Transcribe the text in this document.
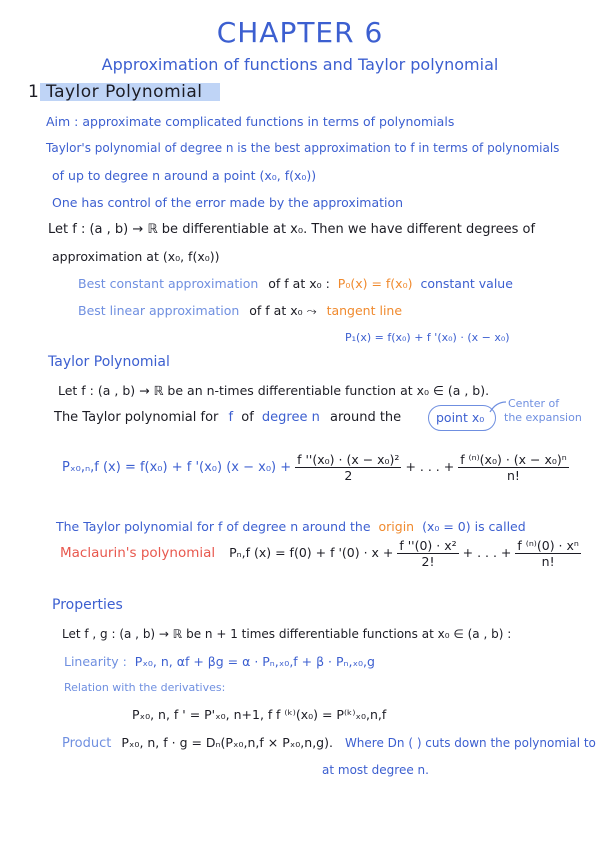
CHAPTER 6
Approximation of functions and Taylor polynomial
1 Taylor Polynomial
Aim : approximate complicated functions in terms of polynomials
Taylor's polynomial of degree n is the best approximation to f in terms of polynomials
of up to degree n around a point (x₀, f(x₀))
One has control of the error made by the approximation
Let f : (a , b) → ℝ be differentiable at x₀. Then we have different degrees of
approximation at (x₀, f(x₀))
Best constant approximation of f at x₀ : P₀(x) = f(x₀) constant value
Best linear approximation of f at x₀ ⤳ tangent line
P₁(x) = f(x₀) + f '(x₀) · (x − x₀)
Taylor Polynomial
Let f : (a , b) → ℝ be an n-times differentiable function at x₀ ∈ (a , b).
The Taylor polynomial for f of degree n around the	point x₀
Center of
the expansion
Pₓ₀,ₙ,f (x) = f(x₀) + f '(x₀) $(x - x_0) + \frac{\text{f ''(x₀) · (x − x₀)²}}{2}$ + . . . + $\frac{\text{f ⁽ⁿ⁾(x₀) · (x − x₀)ⁿ}}{n!}$
The Taylor polynomial for f of degree n around the origin (x₀ = 0) is called
Maclaurin's polynomial Pₙ,f (x) = f(0) + f '$(0) \cdot x + \frac{\text{f ''(0) · x²}}{2!}$ + . . . + $\frac{\text{f ⁽ⁿ⁾(0) · xⁿ}}{n!}$
Properties
Let f , g : (a , b) → ℝ be n + 1 times differentiable functions at x₀ ∈ (a , b) :
Linearity : Pₓ₀, n, αf + βg = α · Pₙ,ₓ₀,f + β · Pₙ,ₓ₀,g
Relation with the derivatives:
Pₓ₀, n, f ' = P'ₓ₀, n+1, f f ⁽ᵏ⁾(x₀) = P⁽ᵏ⁾ₓ₀,n,f
Product Pₓ₀, n, f · g = Dₙ(Pₓ₀,n,f × Pₓ₀,n,g). Where Dn ( ) cuts down the polynomial to
at most degree n.
